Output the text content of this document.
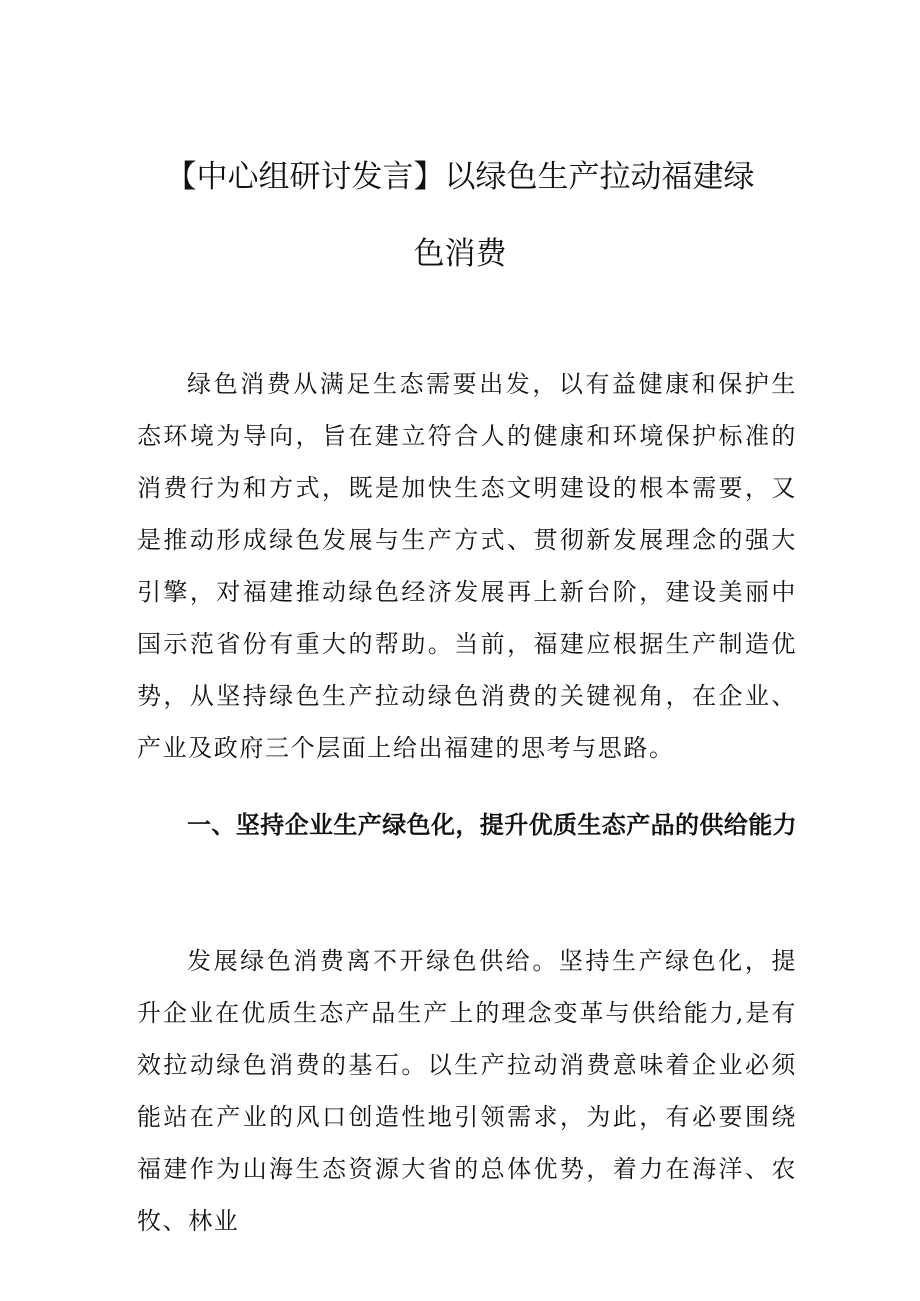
【中心组研讨发言】以绿色生产拉动福建绿
色消费

绿色消费从满足生态需要出发，以有益健康和保护生态环境为导向，旨在建立符合人的健康和环境保护标准的消费行为和方式，既是加快生态文明建设的根本需要，又是推动形成绿色发展与生产方式、贯彻新发展理念的强大引擎，对福建推动绿色经济发展再上新台阶，建设美丽中国示范省份有重大的帮助。当前，福建应根据生产制造优势，从坚持绿色生产拉动绿色消费的关键视角，在企业、产业及政府三个层面上给出福建的思考与思路。

一、坚持企业生产绿色化，提升优质生态产品的供给能力

发展绿色消费离不开绿色供给。坚持生产绿色化，提升企业在优质生态产品生产上的理念变革与供给能力,是有效拉动绿色消费的基石。以生产拉动消费意味着企业必须能站在产业的风口创造性地引领需求，为此，有必要围绕福建作为山海生态资源大省的总体优势，着力在海洋、农牧、林业
